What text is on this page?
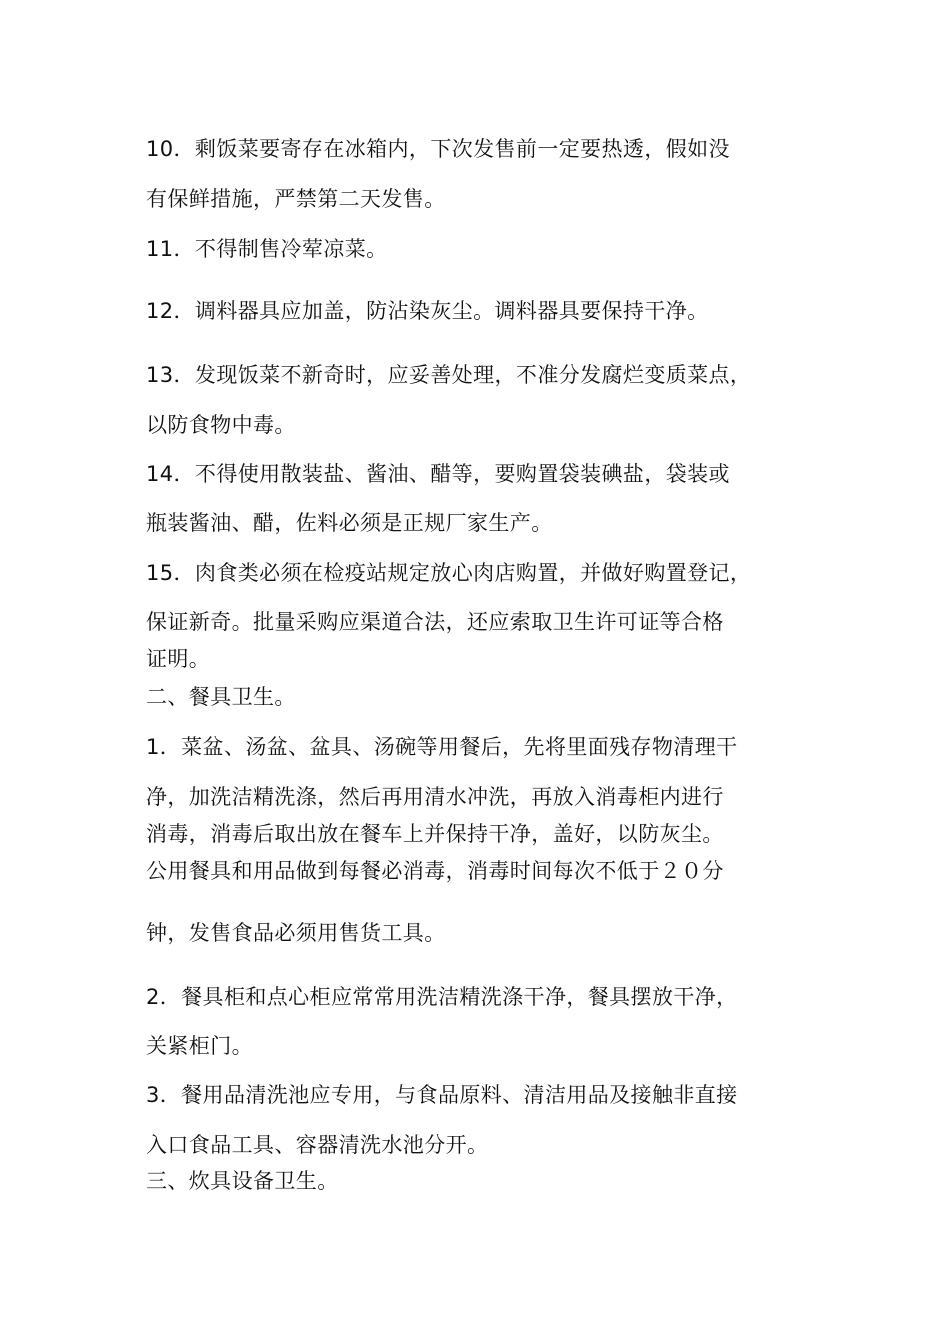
10．剩饭菜要寄存在冰箱内，下次发售前一定要热透，假如没
有保鲜措施，严禁第二天发售。
11．不得制售冷荤凉菜。
12．调料器具应加盖，防沾染灰尘。调料器具要保持干净。
13．发现饭菜不新奇时，应妥善处理，不准分发腐烂变质菜点，
以防食物中毒。
14．不得使用散装盐、酱油、醋等，要购置袋装碘盐，袋装或
瓶装酱油、醋，佐料必须是正规厂家生产。
15．肉食类必须在检疫站规定放心肉店购置，并做好购置登记，
保证新奇。批量采购应渠道合法，还应索取卫生许可证等合格
证明。
二、餐具卫生。
1．菜盆、汤盆、盆具、汤碗等用餐后，先将里面残存物清理干
净，加洗洁精洗涤，然后再用清水冲洗，再放入消毒柜内进行
消毒，消毒后取出放在餐车上并保持干净，盖好，以防灰尘。
公用餐具和用品做到每餐必消毒，消毒时间每次不低于２０分
钟，发售食品必须用售货工具。
2．餐具柜和点心柜应常常用洗洁精洗涤干净，餐具摆放干净，
关紧柜门。
3．餐用品清洗池应专用，与食品原料、清洁用品及接触非直接
入口食品工具、容器清洗水池分开。
三、炊具设备卫生。
